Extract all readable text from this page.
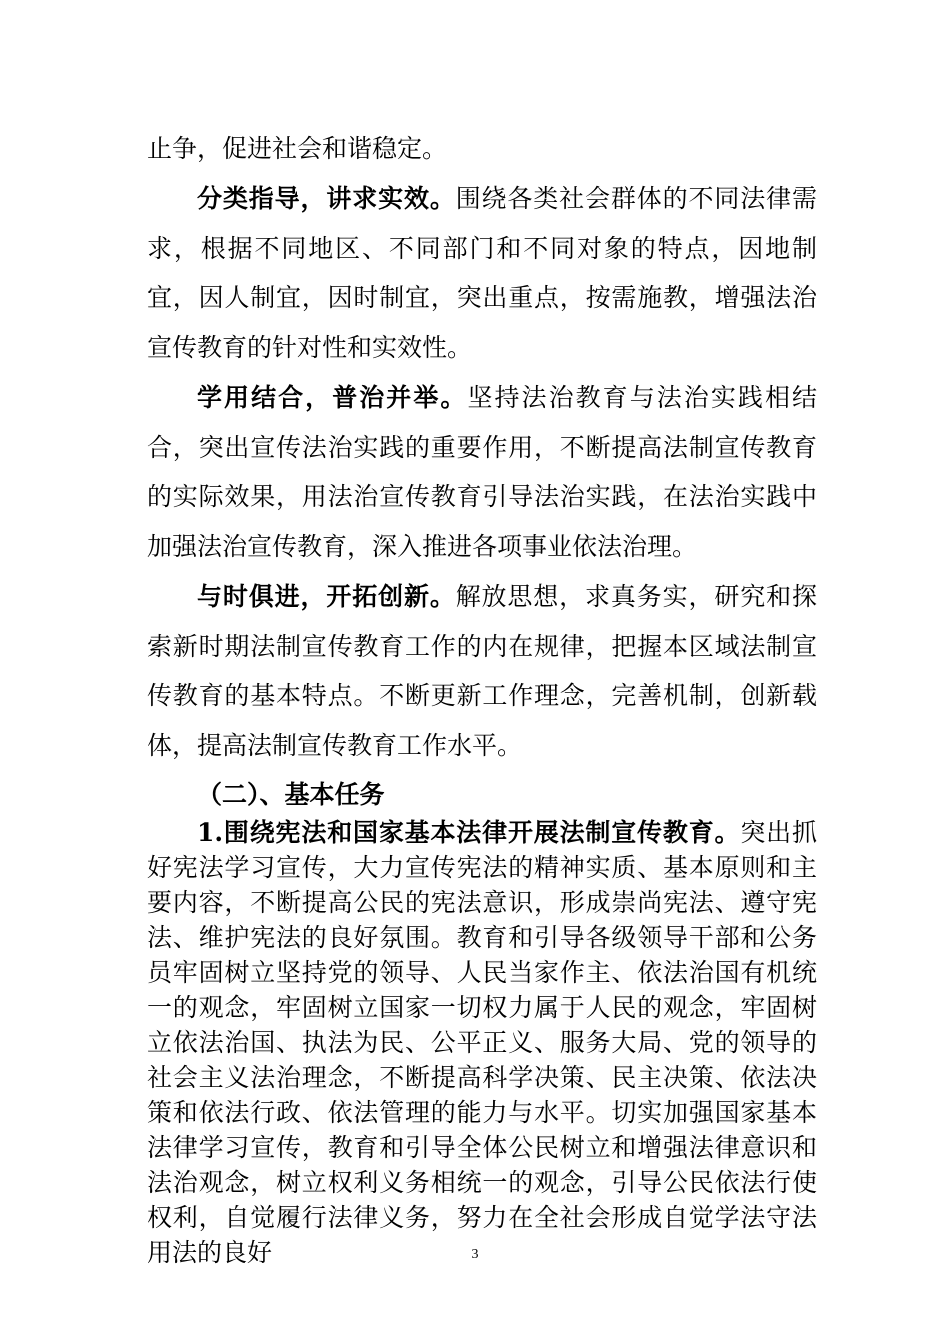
止争，促进社会和谐稳定。

分类指导，讲求实效。围绕各类社会群体的不同法律需求，根据不同地区、不同部门和不同对象的特点，因地制宜，因人制宜，因时制宜，突出重点，按需施教，增强法治宣传教育的针对性和实效性。

学用结合，普治并举。坚持法治教育与法治实践相结合，突出宣传法治实践的重要作用，不断提高法制宣传教育的实际效果，用法治宣传教育引导法治实践，在法治实践中加强法治宣传教育，深入推进各项事业依法治理。

与时俱进，开拓创新。解放思想，求真务实，研究和探索新时期法制宣传教育工作的内在规律，把握本区域法制宣传教育的基本特点。不断更新工作理念，完善机制，创新载体，提高法制宣传教育工作水平。

（二）、基本任务

1.围绕宪法和国家基本法律开展法制宣传教育。突出抓好宪法学习宣传，大力宣传宪法的精神实质、基本原则和主要内容，不断提高公民的宪法意识，形成崇尚宪法、遵守宪法、维护宪法的良好氛围。教育和引导各级领导干部和公务员牢固树立坚持党的领导、人民当家作主、依法治国有机统一的观念，牢固树立国家一切权力属于人民的观念，牢固树立依法治国、执法为民、公平正义、服务大局、党的领导的社会主义法治理念，不断提高科学决策、民主决策、依法决策和依法行政、依法管理的能力与水平。切实加强国家基本法律学习宣传，教育和引导全体公民树立和增强法律意识和法治观念，树立权利义务相统一的观念，引导公民依法行使权利，自觉履行法律义务，努力在全社会形成自觉学法守法用法的良好	3
